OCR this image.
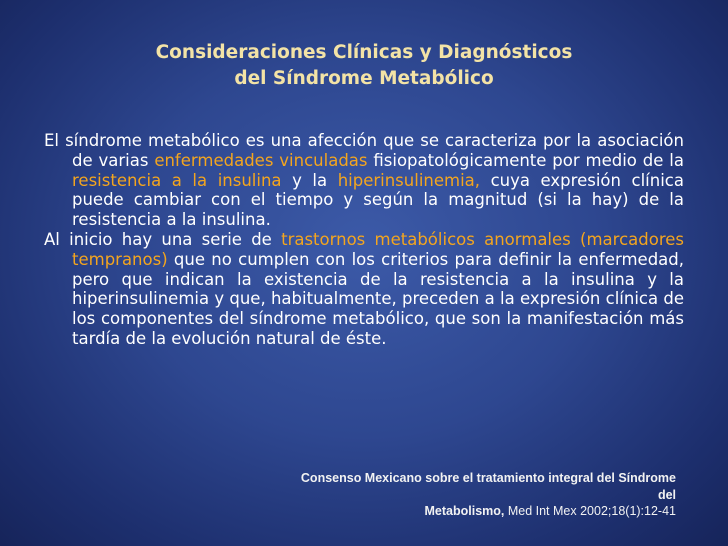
Consideraciones Clínicas y Diagnósticos
del Síndrome Metabólico

El síndrome metabólico es una afección que se caracteriza por la asociación de varias enfermedades vinculadas fisiopatológicamente por medio de la resistencia a la insulina y la hiperinsulinemia, cuya expresión clínica puede cambiar con el tiempo y según la magnitud (si la hay) de la resistencia a la insulina.

Al inicio hay una serie de trastornos metabólicos anormales (marcadores tempranos) que no cumplen con los criterios para definir la enfermedad, pero que indican la existencia de la resistencia a la insulina y la hiperinsulinemia y que, habitualmente, preceden a la expresión clínica de los componentes del síndrome metabólico, que son la manifestación más tardía de la evolución natural de éste.

Consenso Mexicano sobre el tratamiento integral del Síndrome
del
Metabolismo, Med Int Mex 2002;18(1):12-41
